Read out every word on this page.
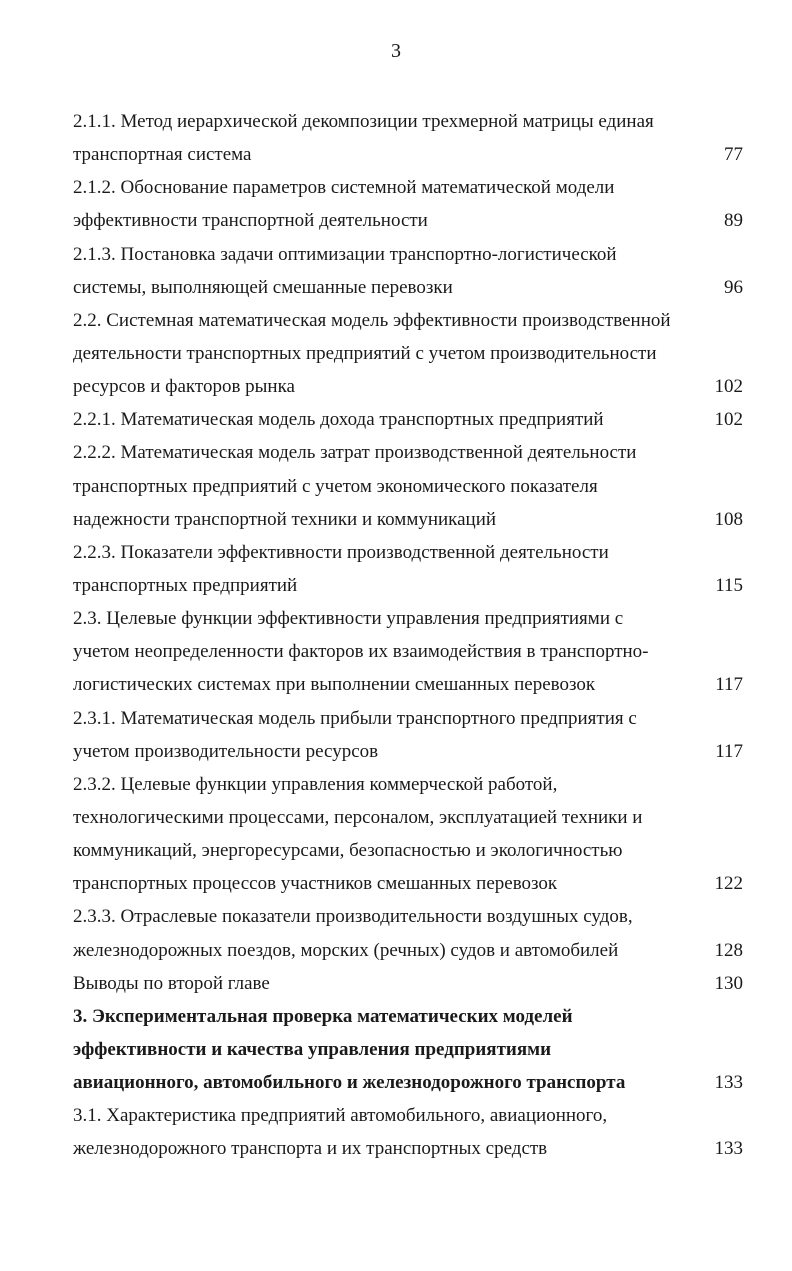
3
2.1.1. Метод иерархической декомпозиции трехмерной матрицы единая
транспортная система	77
2.1.2. Обоснование параметров системной математической модели
эффективности транспортной деятельности	89
2.1.3. Постановка задачи оптимизации транспортно-логистической
системы, выполняющей смешанные перевозки	96
2.2. Системная математическая модель эффективности производственной
деятельности транспортных предприятий с учетом производительности
ресурсов и факторов рынка	102
2.2.1. Математическая модель дохода транспортных предприятий	102
2.2.2. Математическая модель затрат производственной деятельности
транспортных предприятий с учетом экономического показателя
надежности транспортной техники и коммуникаций	108
2.2.3. Показатели эффективности производственной деятельности
транспортных предприятий	115
2.3. Целевые функции эффективности управления предприятиями с
учетом неопределенности факторов их взаимодействия в транспортно-
логистических системах при выполнении смешанных перевозок	117
2.3.1. Математическая модель прибыли транспортного предприятия с
учетом производительности ресурсов	117
2.3.2. Целевые функции управления коммерческой работой,
технологическими процессами, персоналом, эксплуатацией техники и
коммуникаций, энергоресурсами, безопасностью и экологичностью
транспортных процессов участников смешанных перевозок	122
2.3.3. Отраслевые показатели производительности воздушных судов,
железнодорожных поездов, морских (речных) судов и автомобилей	128
Выводы по второй главе	130
3. Экспериментальная проверка математических моделей
эффективности и качества управления предприятиями
авиационного, автомобильного и железнодорожного транспорта	133
3.1. Характеристика предприятий автомобильного, авиационного,
железнодорожного транспорта и их транспортных средств	133
